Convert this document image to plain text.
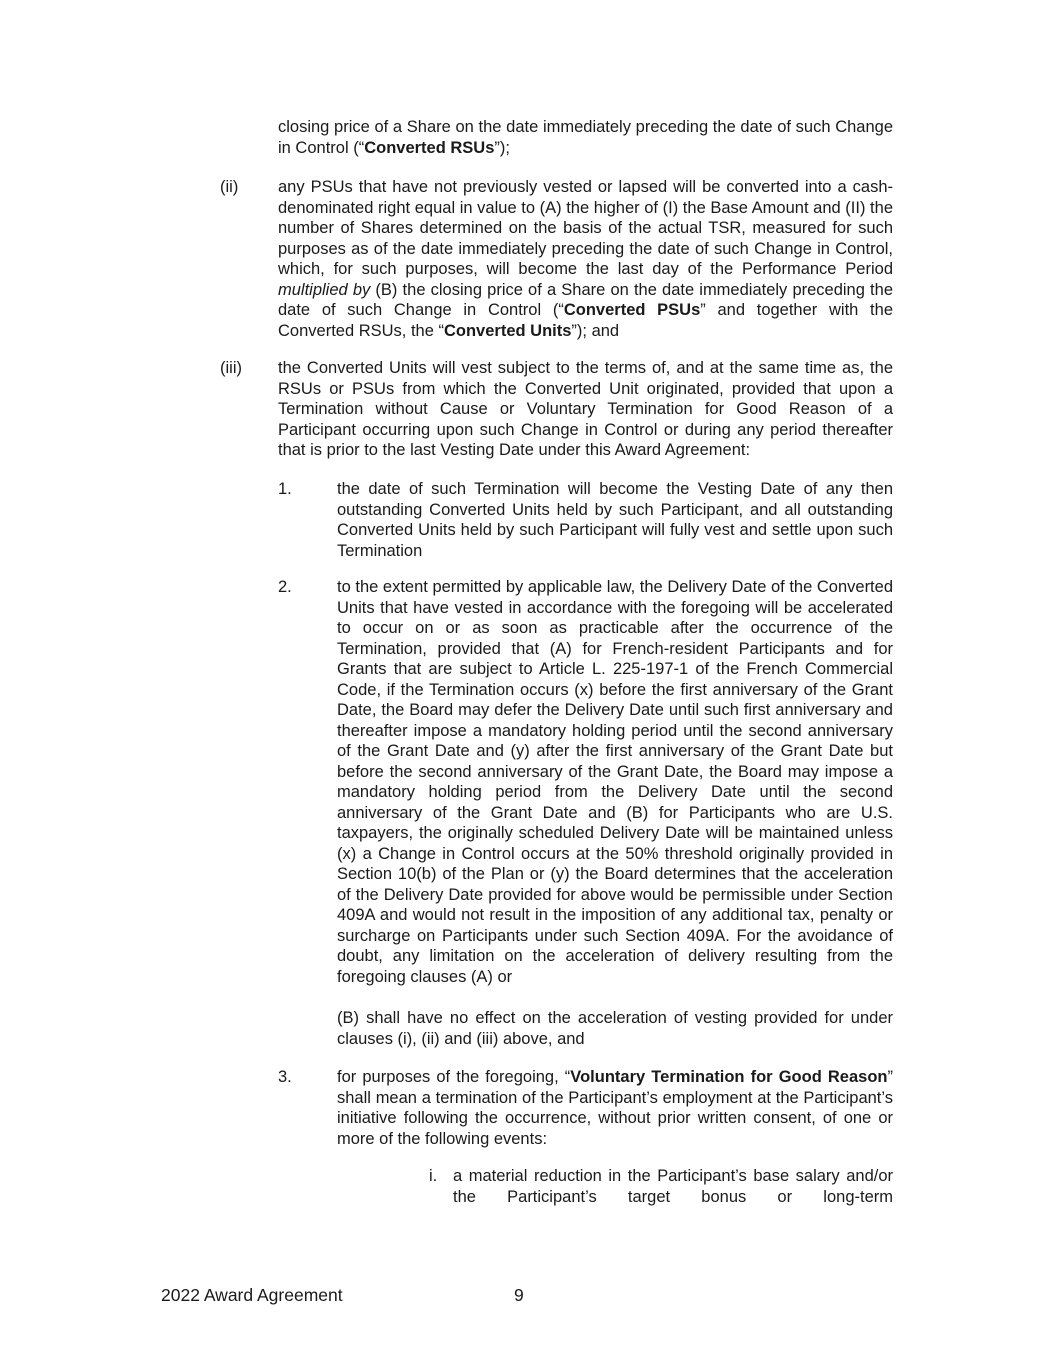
closing price of a Share on the date immediately preceding the date of such Change in Control (“Converted RSUs”);

(ii) any PSUs that have not previously vested or lapsed will be converted into a cash-denominated right equal in value to (A) the higher of (I) the Base Amount and (II) the number of Shares determined on the basis of the actual TSR, measured for such purposes as of the date immediately preceding the date of such Change in Control, which, for such purposes, will become the last day of the Performance Period multiplied by (B) the closing price of a Share on the date immediately preceding the date of such Change in Control (“Converted PSUs” and together with the Converted RSUs, the “Converted Units”); and

(iii) the Converted Units will vest subject to the terms of, and at the same time as, the RSUs or PSUs from which the Converted Unit originated, provided that upon a Termination without Cause or Voluntary Termination for Good Reason of a Participant occurring upon such Change in Control or during any period thereafter that is prior to the last Vesting Date under this Award Agreement:

1.	the date of such Termination will become the Vesting Date of any then outstanding Converted Units held by such Participant, and all outstanding Converted Units held by such Participant will fully vest and settle upon such Termination

2.	to the extent permitted by applicable law, the Delivery Date of the Converted Units that have vested in accordance with the foregoing will be accelerated to occur on or as soon as practicable after the occurrence of the Termination, provided that (A) for French-resident Participants and for Grants that are subject to Article L. 225-197-1 of the French Commercial Code, if the Termination occurs (x) before the first anniversary of the Grant Date, the Board may defer the Delivery Date until such first anniversary and thereafter impose a mandatory holding period until the second anniversary of the Grant Date and (y) after the first anniversary of the Grant Date but before the second anniversary of the Grant Date, the Board may impose a mandatory holding period from the Delivery Date until the second anniversary of the Grant Date and (B) for Participants who are U.S. taxpayers, the originally scheduled Delivery Date will be maintained unless (x) a Change in Control occurs at the 50% threshold originally provided in Section 10(b) of the Plan or (y) the Board determines that the acceleration of the Delivery Date provided for above would be permissible under Section 409A and would not result in the imposition of any additional tax, penalty or surcharge on Participants under such Section 409A. For the avoidance of doubt, any limitation on the acceleration of delivery resulting from the foregoing clauses (A) or

(B) shall have no effect on the acceleration of vesting provided for under clauses (i), (ii) and (iii) above, and

3.	for purposes of the foregoing, “Voluntary Termination for Good Reason” shall mean a termination of the Participant’s employment at the Participant’s initiative following the occurrence, without prior written consent, of one or more of the following events:

i. a material reduction in the Participant’s base salary and/or the Participant’s target bonus or long-term

2022 Award Agreement	9
